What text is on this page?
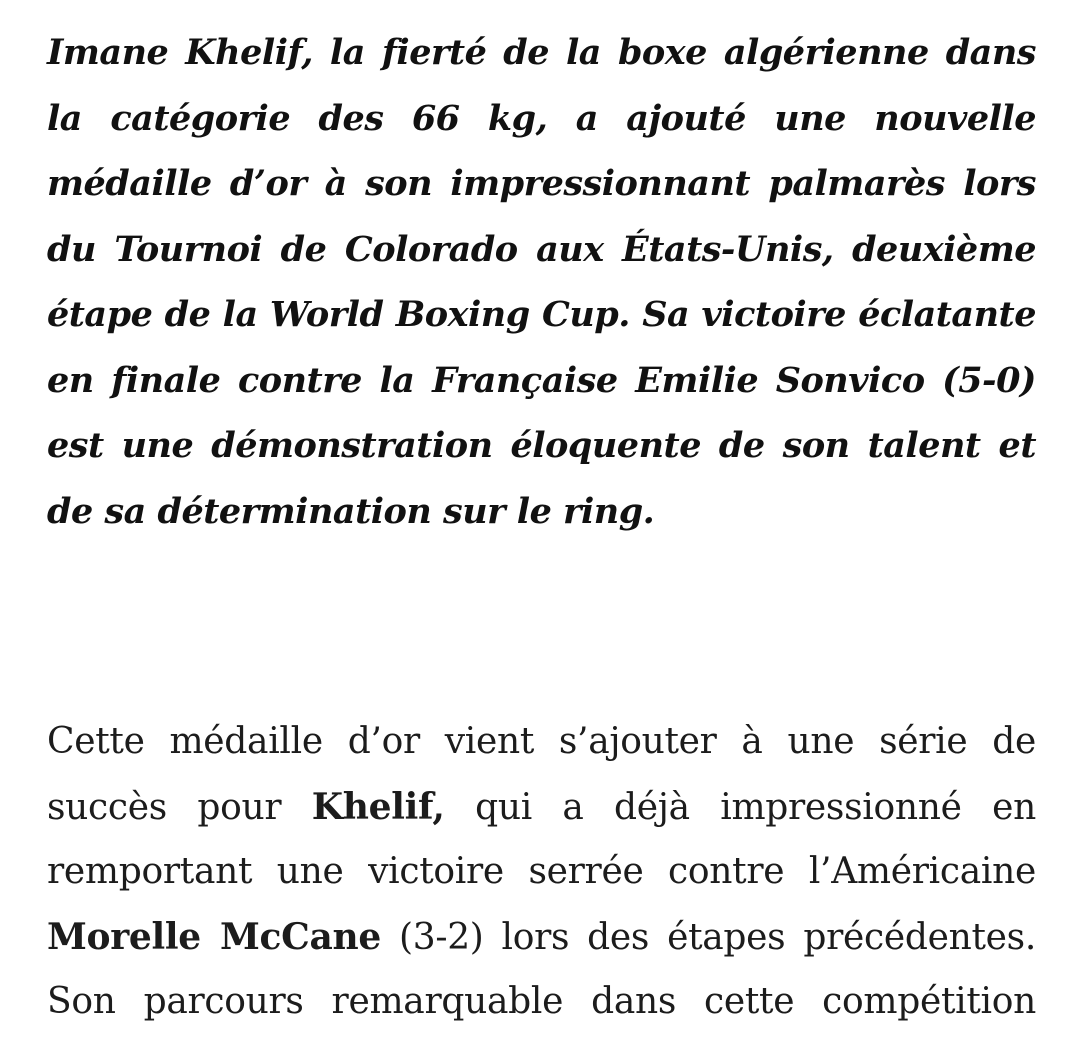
Imane Khelif, la fierté de la boxe algérienne dans la catégorie des 66 kg, a ajouté une nouvelle médaille d’or à son impressionnant palmarès lors du Tournoi de Colorado aux États-Unis, deuxième étape de la World Boxing Cup. Sa victoire éclatante en finale contre la Française Emilie Sonvico (5-0) est une démonstration éloquente de son talent et de sa détermination sur le ring.

Cette médaille d’or vient s’ajouter à une série de succès pour Khelif, qui a déjà impressionné en remportant une victoire serrée contre l’Américaine Morelle McCane (3-2) lors des étapes précédentes. Son parcours remarquable dans cette compétition
